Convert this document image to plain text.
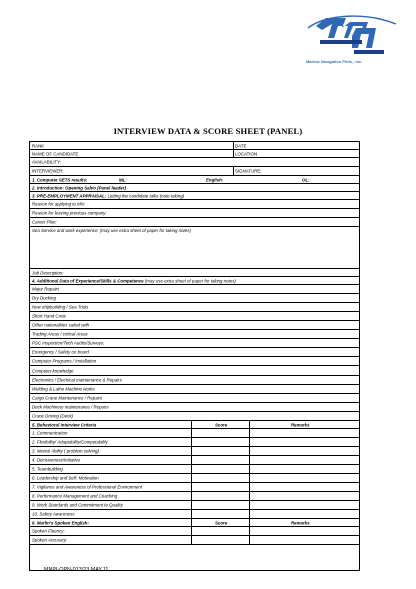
Marlow Navigation Phils., Inc.
INTERVIEW DATA & SCORE SHEET (PANEL)
RANK	DATE
NAME OF CANDIDATE	LOCATION
AVAILABILITY:
INTERVIEWER:	SIGNATURE:
1. Computer SETS results:	ML:	English:	OL:
2. Introduction: Opening Salvo (Panel leader)
3. PRE-EMPLOYMENT APPRAISAL: Letting the candidate talks (note taking)
Reason for applying to MN:
Reason for leaving previous company:
Career Plan:
Sea Service and work experience: (may use extra sheet of paper for taking notes)
Job Description:
4. Additional Data of Experience/Skills & Competence (may use extra sheet of paper for taking notes)
Major Repairs
Dry Docking
New shipbuilding / Sea Trials
Short Hand Crew
Other nationalities sailed with
Trading Areas / critical Areas
PSC Inspection/Tech Audits/Surveys:
Emergency / Safety on board
Computer Programs / Installation
Computer knowledge
Electronics / Electrical maintenance & Repairs
Welding & Lathe Machine works
Cargo Crane Maintenance / Repairs
Deck Machinery maintenance / Repairs
Crane Driving (Deck)
5. Behavioral Interview Criteria	Score	Remarks
1. Communication
2. Flexibility/ Adaptability/Competability
3. Mental Ability ( problem solving)
4. Decisiveness/Initiative
5. Teambuilding
6. Leadership and Self- Motivation
7. Vigilance and Awareness of Professional Environment
8. Performance Management and Coaching
9. Work Standards and Commitment to Quality
10. Safety Awareness
6. Marlin's Spoken English:	Score	Remarks
Spoken Fluency:
Spoken Accuracy:
MNPI-OPN-013/23.MAY.11
